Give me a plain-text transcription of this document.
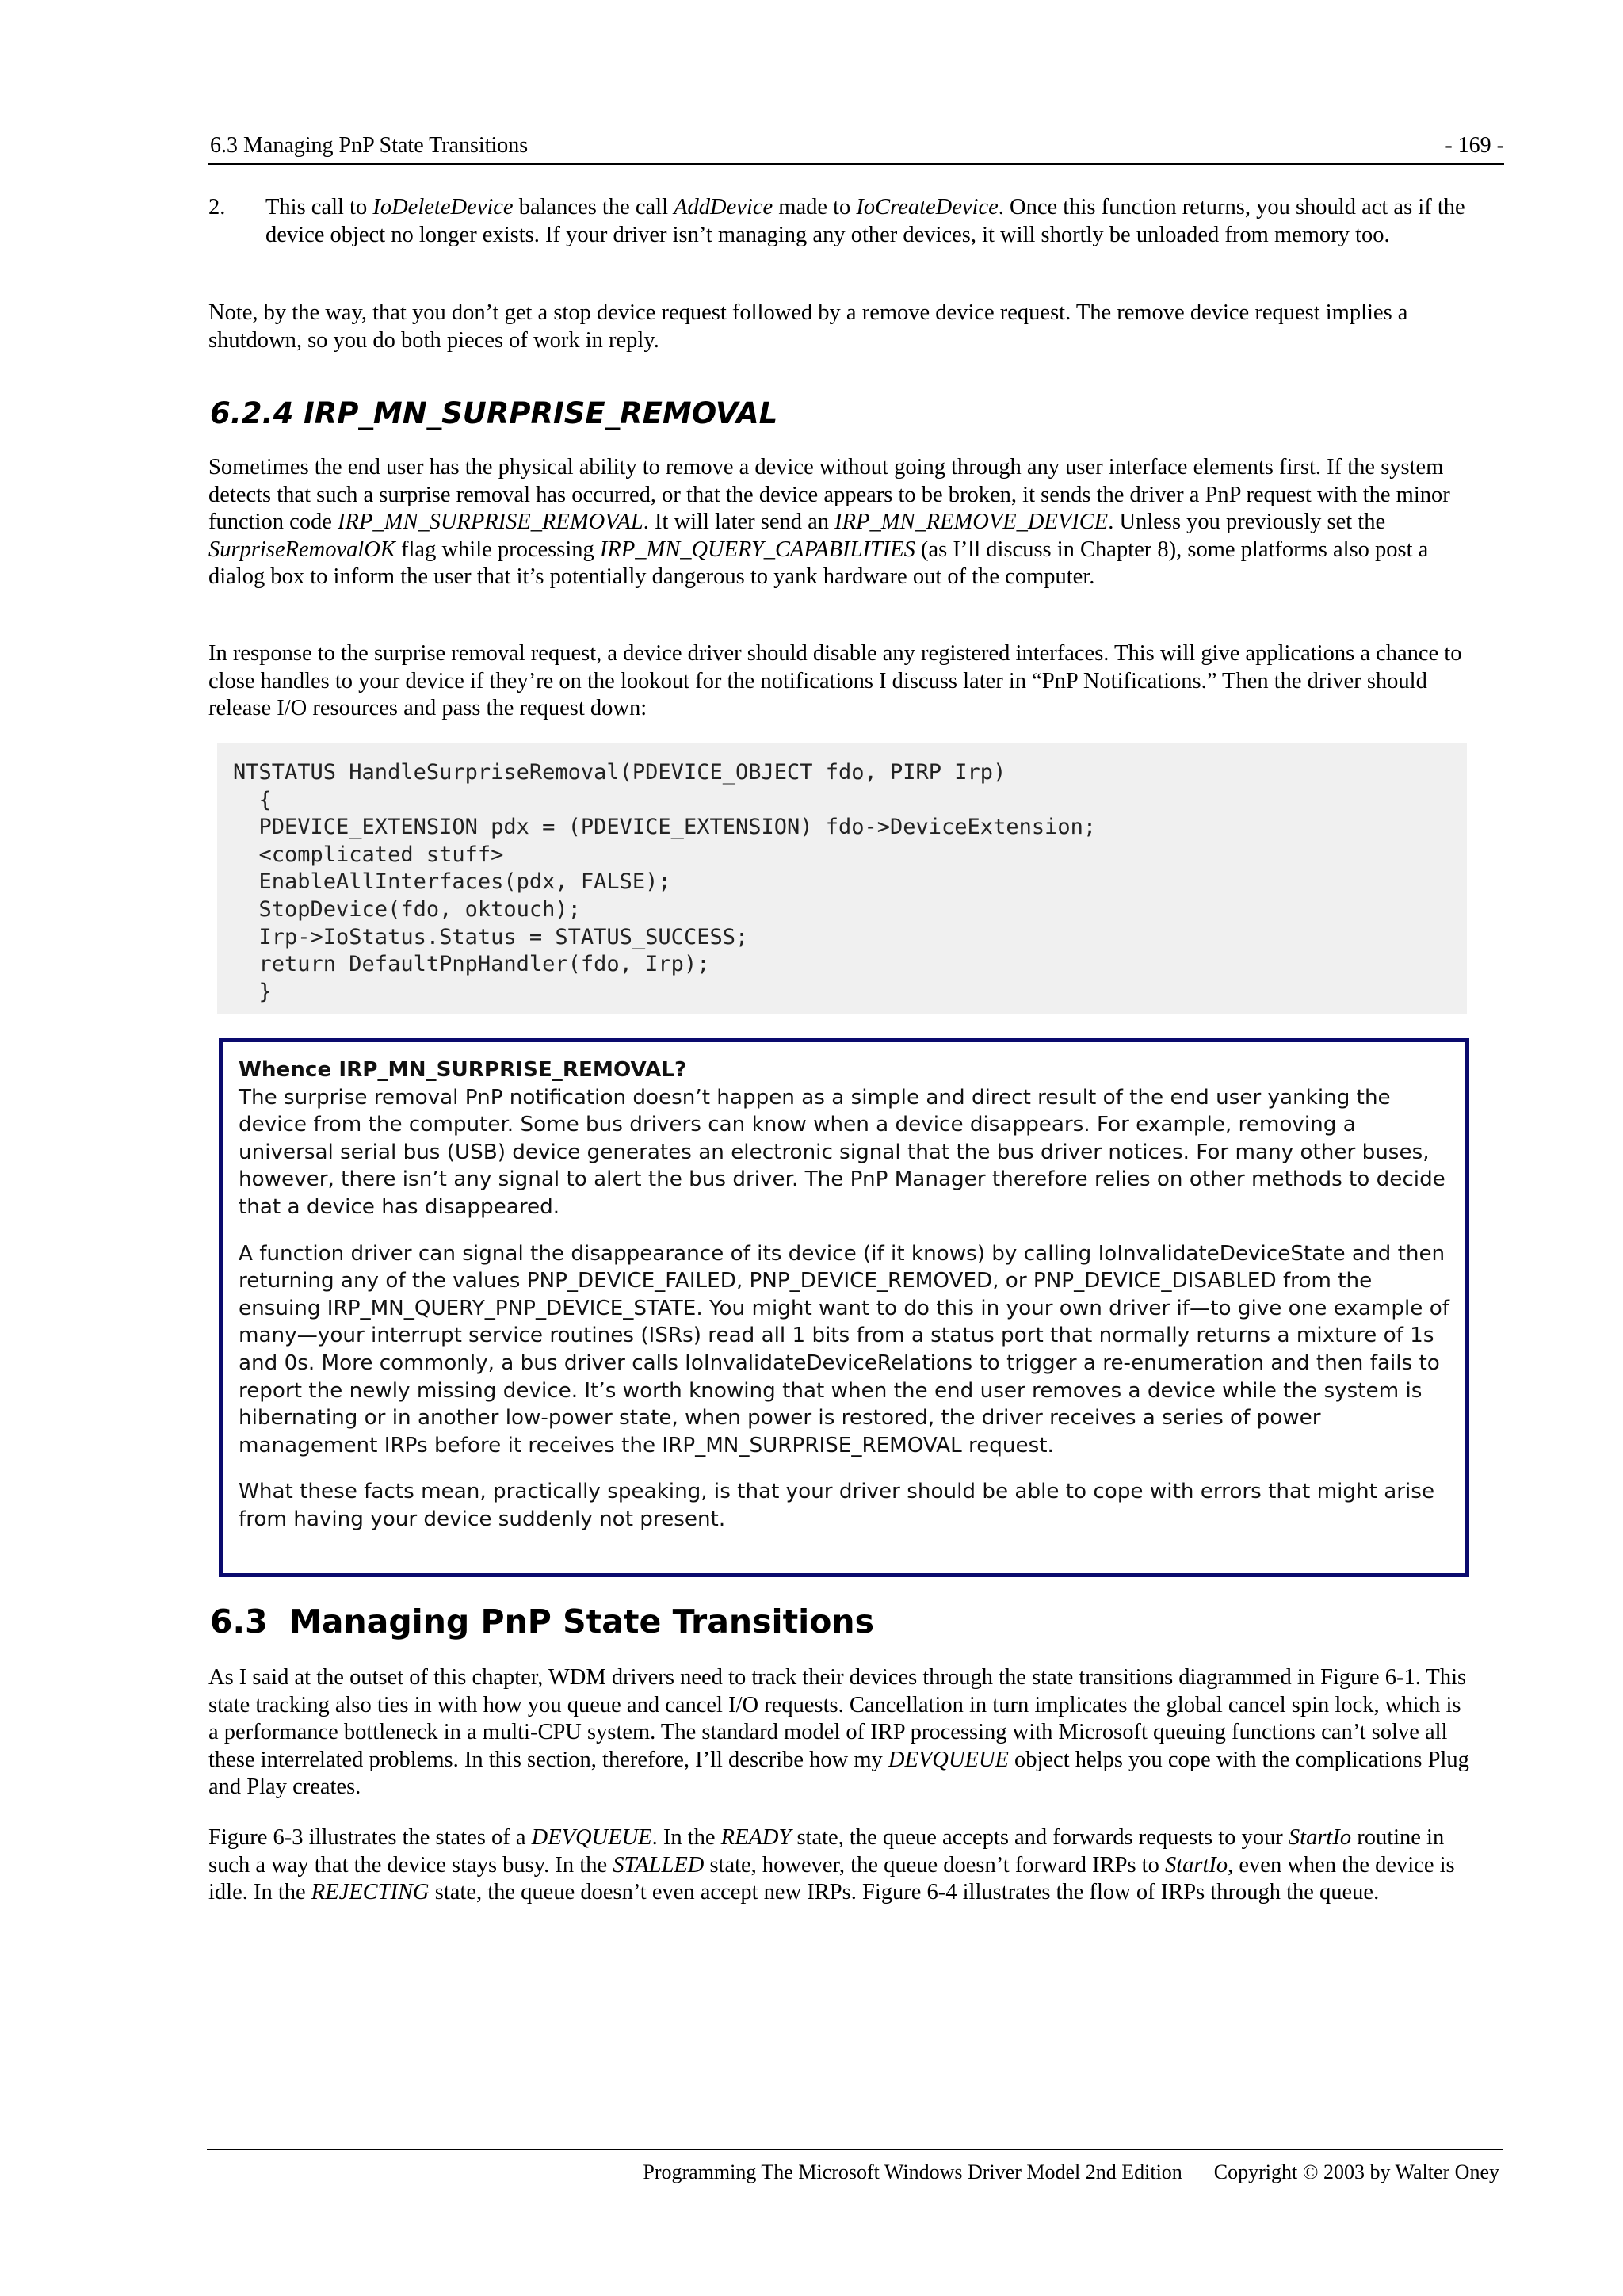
6.3 Managing PnP State Transitions	- 169 -
2. This call to IoDeleteDevice balances the call AddDevice made to IoCreateDevice. Once this function returns, you should act as if the device object no longer exists. If your driver isn’t managing any other devices, it will shortly be unloaded from memory too.

Note, by the way, that you don’t get a stop device request followed by a remove device request. The remove device request implies a shutdown, so you do both pieces of work in reply.

6.2.4 IRP_MN_SURPRISE_REMOVAL

Sometimes the end user has the physical ability to remove a device without going through any user interface elements first. If the system detects that such a surprise removal has occurred, or that the device appears to be broken, it sends the driver a PnP request with the minor function code IRP_MN_SURPRISE_REMOVAL. It will later send an IRP_MN_REMOVE_DEVICE. Unless you previously set the SurpriseRemovalOK flag while processing IRP_MN_QUERY_CAPABILITIES (as I’ll discuss in Chapter 8), some platforms also post a dialog box to inform the user that it’s potentially dangerous to yank hardware out of the computer.

In response to the surprise removal request, a device driver should disable any registered interfaces. This will give applications a chance to close handles to your device if they’re on the lookout for the notifications I discuss later in “PnP Notifications.” Then the driver should release I/O resources and pass the request down:

NTSTATUS HandleSurpriseRemoval(PDEVICE_OBJECT fdo, PIRP Irp)
{
PDEVICE_EXTENSION pdx = (PDEVICE_EXTENSION) fdo->DeviceExtension;
<complicated stuff>
EnableAllInterfaces(pdx, FALSE);
StopDevice(fdo, oktouch);
Irp->IoStatus.Status = STATUS_SUCCESS;
return DefaultPnpHandler(fdo, Irp);
}

Whence IRP_MN_SURPRISE_REMOVAL?

The surprise removal PnP notification doesn’t happen as a simple and direct result of the end user yanking the device from the computer. Some bus drivers can know when a device disappears. For example, removing a universal serial bus (USB) device generates an electronic signal that the bus driver notices. For many other buses, however, there isn’t any signal to alert the bus driver. The PnP Manager therefore relies on other methods to decide that a device has disappeared.

A function driver can signal the disappearance of its device (if it knows) by calling IoInvalidateDeviceState and then returning any of the values PNP_DEVICE_FAILED, PNP_DEVICE_REMOVED, or PNP_DEVICE_DISABLED from the ensuing IRP_MN_QUERY_PNP_DEVICE_STATE. You might want to do this in your own driver if—to give one example of many—your interrupt service routines (ISRs) read all 1 bits from a status port that normally returns a mixture of 1s and 0s. More commonly, a bus driver calls IoInvalidateDeviceRelations to trigger a re-enumeration and then fails to report the newly missing device. It’s worth knowing that when the end user removes a device while the system is hibernating or in another low-power state, when power is restored, the driver receives a series of power management IRPs before it receives the IRP_MN_SURPRISE_REMOVAL request.

What these facts mean, practically speaking, is that your driver should be able to cope with errors that might arise from having your device suddenly not present.

6.3 Managing PnP State Transitions

As I said at the outset of this chapter, WDM drivers need to track their devices through the state transitions diagrammed in Figure 6-1. This state tracking also ties in with how you queue and cancel I/O requests. Cancellation in turn implicates the global cancel spin lock, which is a performance bottleneck in a multi-CPU system. The standard model of IRP processing with Microsoft queuing functions can’t solve all these interrelated problems. In this section, therefore, I’ll describe how my DEVQUEUE object helps you cope with the complications Plug and Play creates.

Figure 6-3 illustrates the states of a DEVQUEUE. In the READY state, the queue accepts and forwards requests to your StartIo routine in such a way that the device stays busy. In the STALLED state, however, the queue doesn’t forward IRPs to StartIo, even when the device is idle. In the REJECTING state, the queue doesn’t even accept new IRPs. Figure 6-4 illustrates the flow of IRPs through the queue.

Programming The Microsoft Windows Driver Model 2nd Edition Copyright © 2003 by Walter Oney
